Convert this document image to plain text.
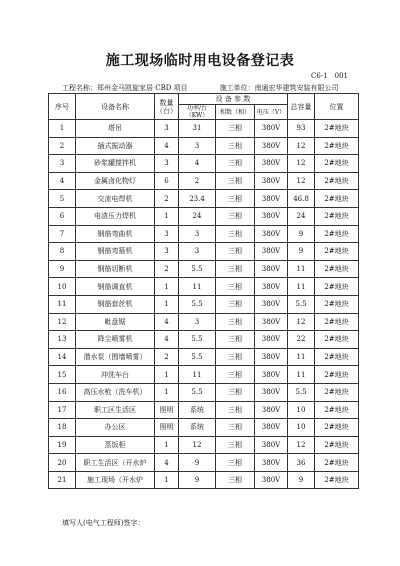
施工现场临时用电设备登记表
C6-1　001
工程名称：郑州金马凯旋家居 CBD 项目	施工单位：南通宏华建筑安装有限公司
序号	设备名称	数量（台）	设 备 参 数			总容量	位置
			功率/台（KW）	相数（相）	电压（V）		
1	塔吊	3	31	三相	380V	93	2#地块
2	插式振动器	4	3	三相	380V	12	2#地块
3	砂浆罐搅拌机	3	4	三相	380V	12	2#地块
4	金属卤化物灯	6	2	三相	380V	12	2#地块
5	交流电焊机	2	23.4	三相	380V	46.8	2#地块
6	电渣压力焊机	1	24	三相	380V	24	2#地块
7	钢筋弯曲机	3	3	三相	380V	9	2#地块
8	钢筋弯箍机	3	3	三相	380V	9	2#地块
9	钢筋切断机	2	5.5	三相	380V	11	2#地块
10	钢筋调直机	1	11	三相	380V	11	2#地块
11	钢筋套丝机	1	5.5	三相	380V	5.5	2#地块
12	毗盘锯	4	3	三相	380V	12	2#地块
13	降尘喷雾机	4	5.5	三相	380V	22	2#地块
14	潜水泵（围墙喷雾）	2	5.5	三相	380V	11	2#地块
15	冲洗车台	1	11	三相	380V	11	2#地块
16	高压水枪（洗车机）	1	5.5	三相	380V	5.5	2#地块
17	职工区生活区	照明	系统	三相	380V	10	2#地块
18	办公区	照明	系统	三相	380V	10	2#地块
19	蒸饭柜	1	12	三相	380V	12	2#地块
20	职工生活区（开水炉	4	9	三相	380V	36	2#地块
21	施工现场（开水炉	1	9	三相	380V	9	2#地块
填写人(电气工程师)签字：
